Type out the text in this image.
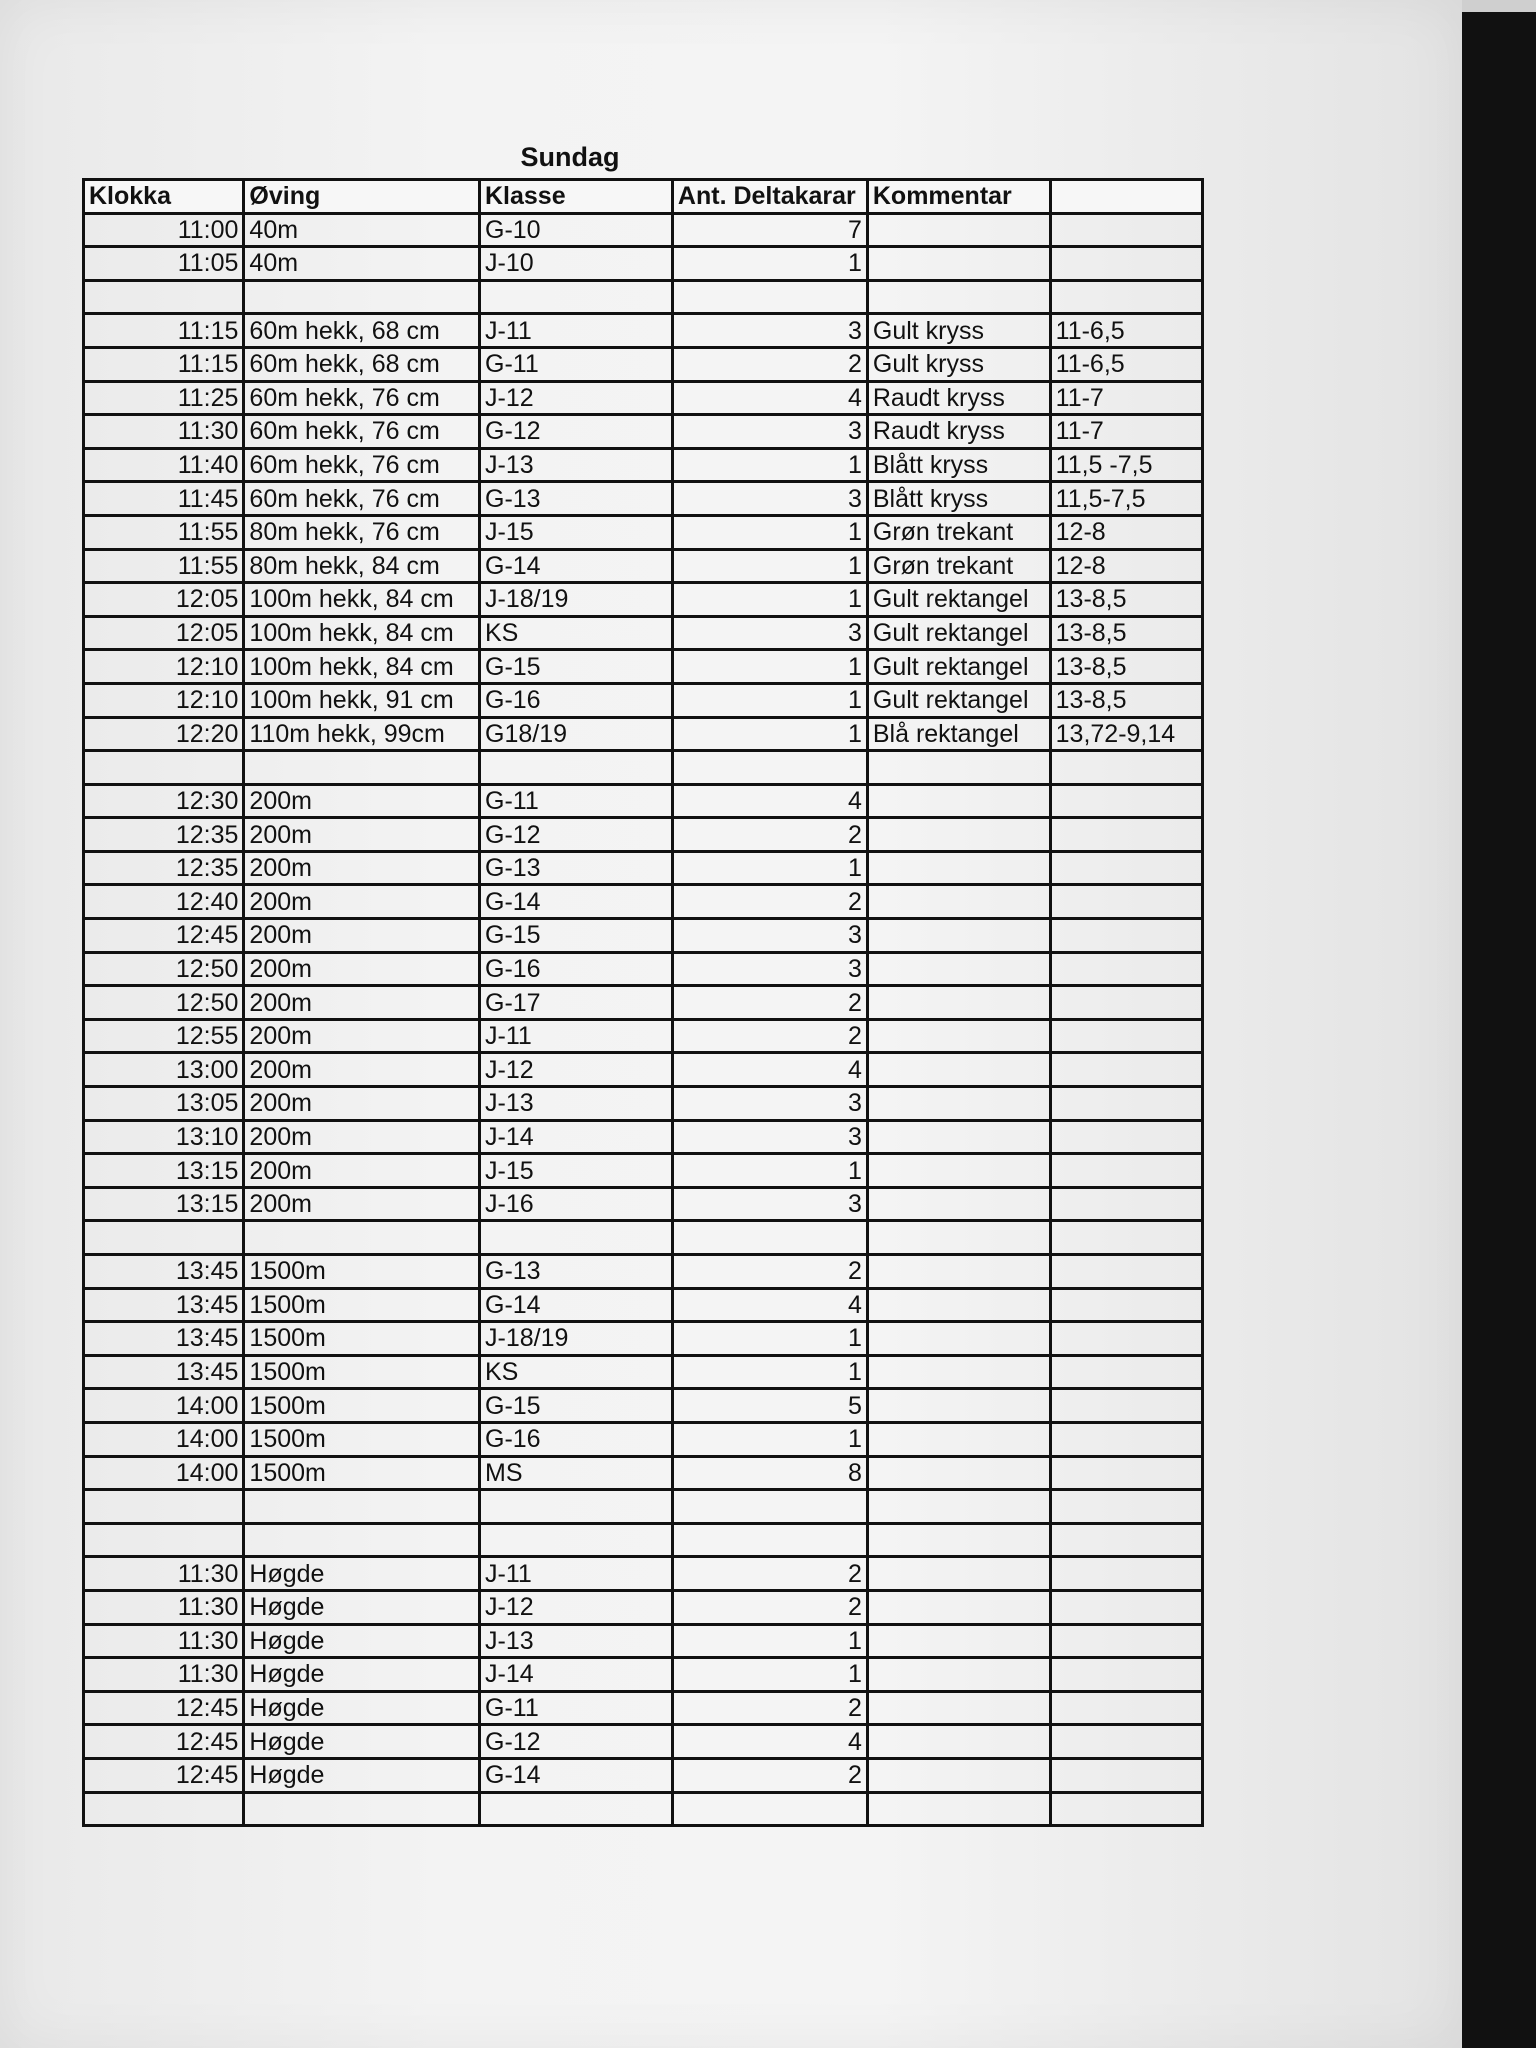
Sundag
Klokka	Øving	Klasse	Ant. Deltakarar	Kommentar	
11:00	40m	G-10	7		
11:05	40m	J-10	1		

11:15	60m hekk, 68 cm	J-11	3	Gult kryss	11-6,5
11:15	60m hekk, 68 cm	G-11	2	Gult kryss	11-6,5
11:25	60m hekk, 76 cm	J-12	4	Raudt kryss	11-7
11:30	60m hekk, 76 cm	G-12	3	Raudt kryss	11-7
11:40	60m hekk, 76 cm	J-13	1	Blått kryss	11,5 -7,5
11:45	60m hekk, 76 cm	G-13	3	Blått kryss	11,5-7,5
11:55	80m hekk, 76 cm	J-15	1	Grøn trekant	12-8
11:55	80m hekk, 84 cm	G-14	1	Grøn trekant	12-8
12:05	100m hekk, 84 cm	J-18/19	1	Gult rektangel	13-8,5
12:05	100m hekk, 84 cm	KS	3	Gult rektangel	13-8,5
12:10	100m hekk, 84 cm	G-15	1	Gult rektangel	13-8,5
12:10	100m hekk, 91 cm	G-16	1	Gult rektangel	13-8,5
12:20	110m hekk, 99cm	G18/19	1	Blå rektangel	13,72-9,14

12:30	200m	G-11	4		
12:35	200m	G-12	2		
12:35	200m	G-13	1		
12:40	200m	G-14	2		
12:45	200m	G-15	3		
12:50	200m	G-16	3		
12:50	200m	G-17	2		
12:55	200m	J-11	2		
13:00	200m	J-12	4		
13:05	200m	J-13	3		
13:10	200m	J-14	3		
13:15	200m	J-15	1		
13:15	200m	J-16	3		

13:45	1500m	G-13	2		
13:45	1500m	G-14	4		
13:45	1500m	J-18/19	1		
13:45	1500m	KS	1		
14:00	1500m	G-15	5		
14:00	1500m	G-16	1		
14:00	1500m	MS	8		

11:30	Høgde	J-11	2		
11:30	Høgde	J-12	2		
11:30	Høgde	J-13	1		
11:30	Høgde	J-14	1		
12:45	Høgde	G-11	2		
12:45	Høgde	G-12	4		
12:45	Høgde	G-14	2		
